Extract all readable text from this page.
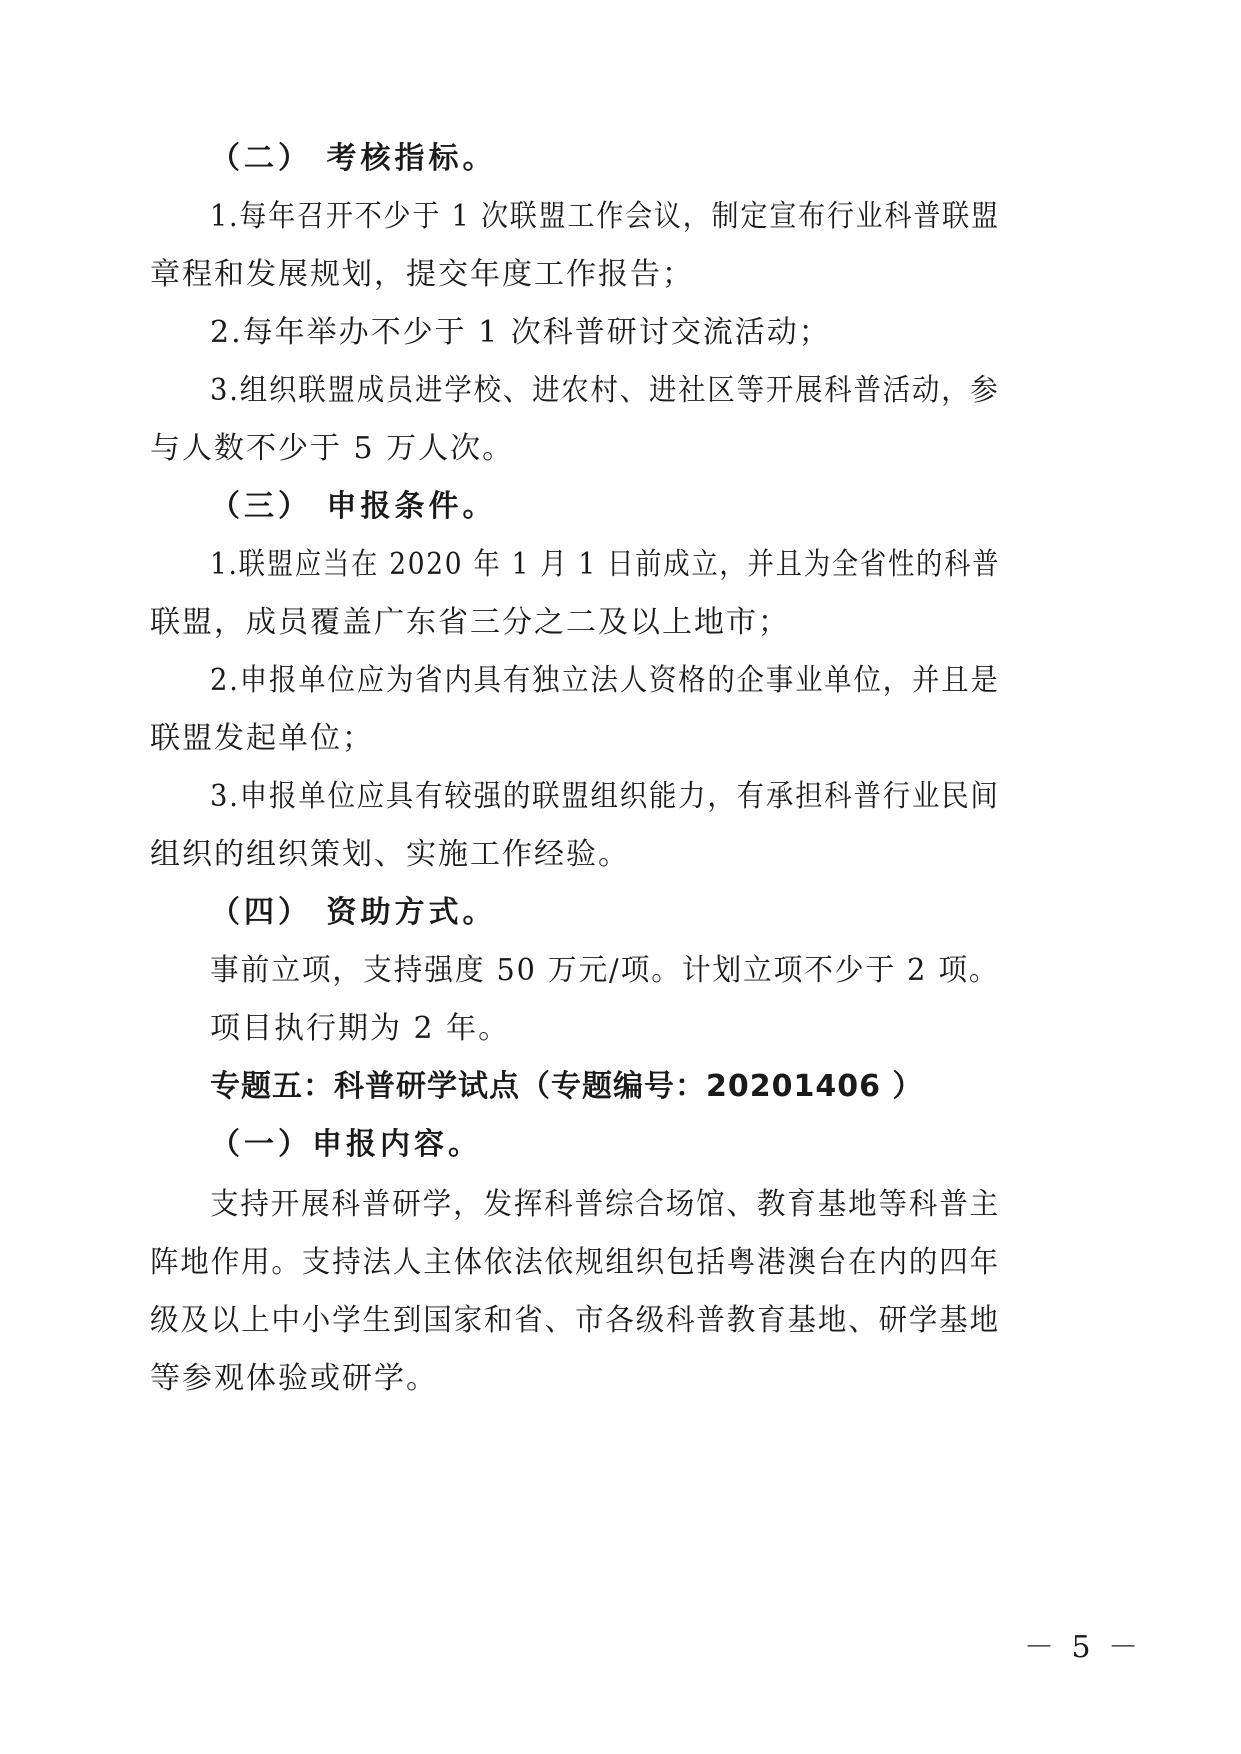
（二） 考核指标。
1.每年召开不少于 1 次联盟工作会议，制定宣布行业科普联盟
章程和发展规划，提交年度工作报告；
2.每年举办不少于 1 次科普研讨交流活动；
3.组织联盟成员进学校、进农村、进社区等开展科普活动，参
与人数不少于 5 万人次。
（三） 申报条件。
1.联盟应当在 2020 年 1 月 1 日前成立，并且为全省性的科普
联盟，成员覆盖广东省三分之二及以上地市；
2.申报单位应为省内具有独立法人资格的企事业单位，并且是
联盟发起单位；
3.申报单位应具有较强的联盟组织能力，有承担科普行业民间
组织的组织策划、实施工作经验。
（四） 资助方式。
事前立项，支持强度 50 万元/项。计划立项不少于 2 项。
项目执行期为 2 年。
专题五：科普研学试点（专题编号：20201406 ）
（一）申报内容。
支持开展科普研学，发挥科普综合场馆、教育基地等科普主
阵地作用。支持法人主体依法依规组织包括粤港澳台在内的四年
级及以上中小学生到国家和省、市各级科普教育基地、研学基地
等参观体验或研学。
－ 5 －
